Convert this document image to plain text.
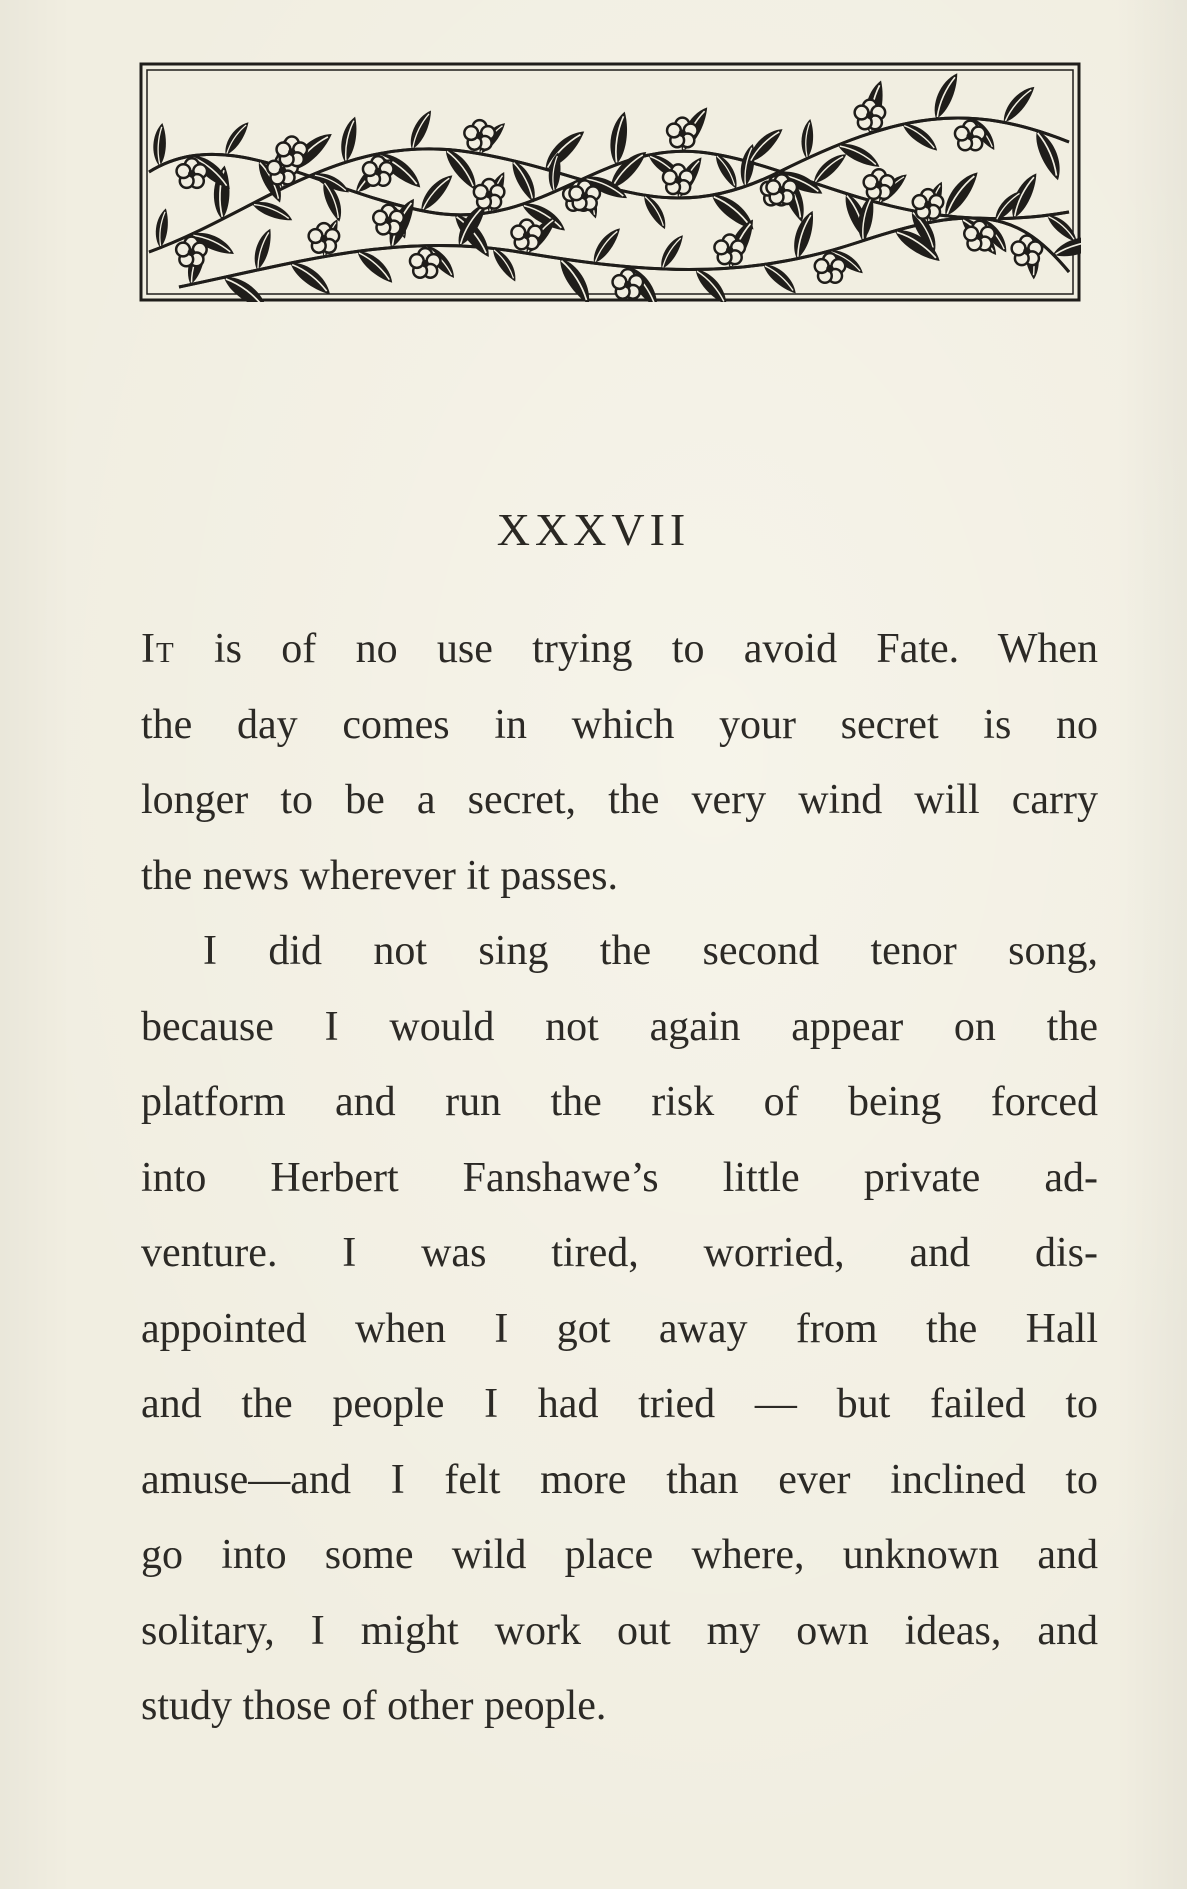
XXXVII
It is of no use trying to avoid Fate. When
the day comes in which your secret is no
longer to be a secret, the very wind will carry
the news wherever it passes.
I did not sing the second tenor song,
because I would not again appear on the
platform and run the risk of being forced
into Herbert Fanshawe’s little private ad-
venture. I was tired, worried, and dis-
appointed when I got away from the Hall
and the people I had tried — but failed to
amuse—and I felt more than ever inclined to
go into some wild place where, unknown and
solitary, I might work out my own ideas, and
study those of other people.
